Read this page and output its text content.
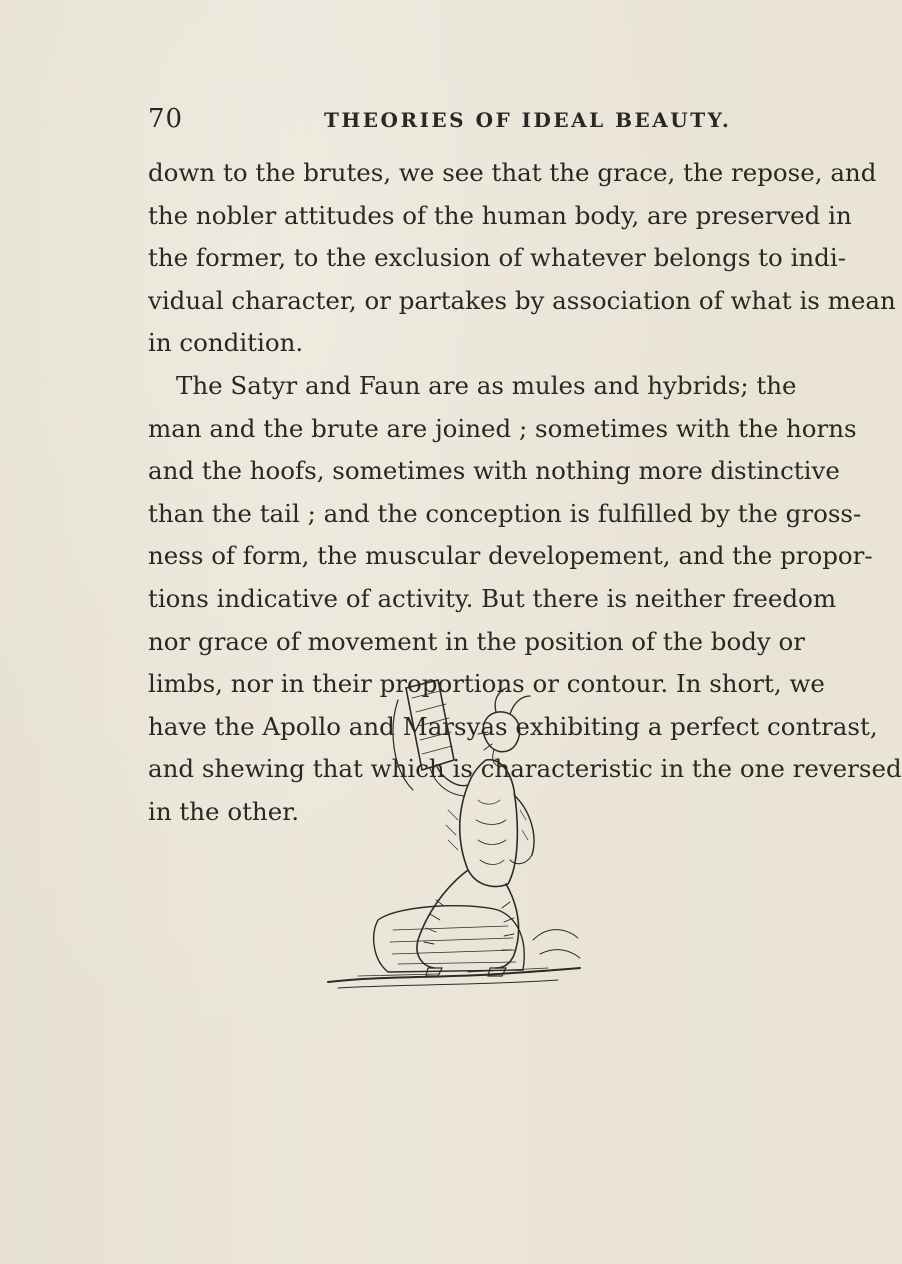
70	THEORIES OF IDEAL BEAUTY.
down to the brutes, we see that the grace, the repose, and
the nobler attitudes of the human body, are preserved in
the former, to the exclusion of whatever belongs to indi-
vidual character, or partakes by association of what is mean
in condition.
The Satyr and Faun are as mules and hybrids; the
man and the brute are joined ; sometimes with the horns
and the hoofs, sometimes with nothing more distinctive
than the tail ; and the conception is fulfilled by the gross-
ness of form, the muscular developement, and the propor-
tions indicative of activity. But there is neither freedom
nor grace of movement in the position of the body or
limbs, nor in their proportions or contour. In short, we
have the Apollo and Marsyas exhibiting a perfect contrast,
and shewing that which is characteristic in the one reversed
in the other.
